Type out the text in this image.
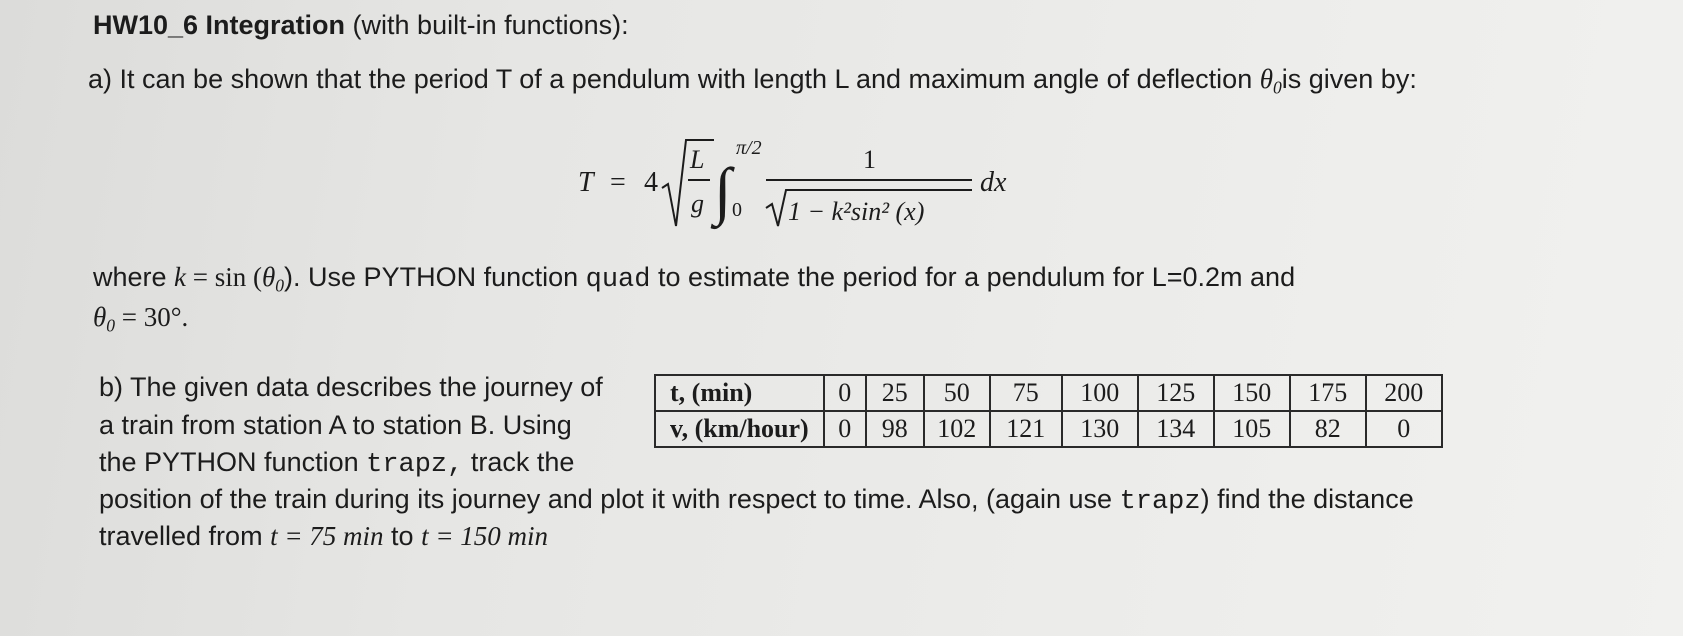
HW10_6 Integration (with built-in functions):
a) It can be shown that the period T of a pendulum with length L and maximum angle of deflection $\theta_0is$ given by:
T = 4
L
g ∫
π/2
0
1
1 − k²sin² (x)
dx
where $k = \sin (\theta_0)$. Use PYTHON function quad to estimate the period for a pendulum for L=0.2m and
$\theta_0 = 30^\circ$.
b) The given data describes the journey of
a train from station A to station B. Using
the PYTHON function trapz, track the
position of the train during its journey and plot it with respect to time. Also, (again use trapz) find the distance
travelled from t = 75 min to t = 150 min
t, (min)	0	25	50	75	100	125	150	175	200
v, (km/hour)	0	98	102	121	130	134	105	82	0
